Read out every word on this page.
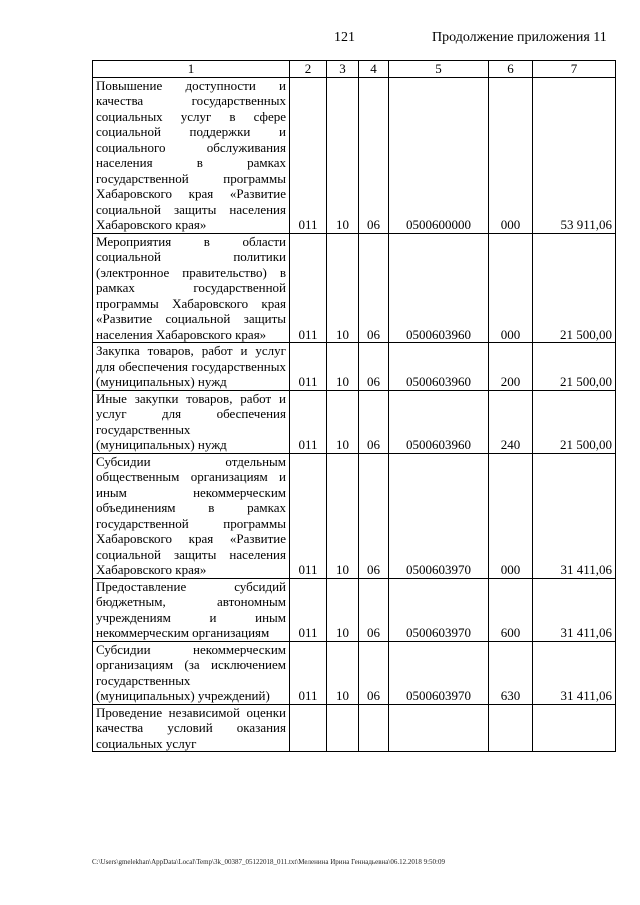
121	Продолжение приложения 11
1	2	3	4	5	6	7
Повышение доступности и качества государственных социальных услуг в сфере социальной поддержки и социального обслуживания населения в рамках государственной программы Хабаровского края «Развитие социальной защиты населения Хабаровского края»	011	10	06	0500600000	000	53 911,06
Мероприятия в области социальной политики (электронное правительство) в рамках государственной программы Хабаровского края «Развитие социальной защиты населения Хабаровского края»	011	10	06	0500603960	000	21 500,00
Закупка товаров, работ и услуг для обеспечения государственных (муниципальных) нужд	011	10	06	0500603960	200	21 500,00
Иные закупки товаров, работ и услуг для обеспечения государственных (муниципальных) нужд	011	10	06	0500603960	240	21 500,00
Субсидии отдельным общественным организациям и иным некоммерческим объединениям в рамках государственной программы Хабаровского края «Развитие социальной защиты населения Хабаровского края»	011	10	06	0500603970	000	31 411,06
Предоставление субсидий бюджетным, автономным учреждениям и иным некоммерческим организациям	011	10	06	0500603970	600	31 411,06
Субсидии некоммерческим организациям (за исключением государственных (муниципальных) учреждений)	011	10	06	0500603970	630	31 411,06
Проведение независимой оценки качества условий оказания социальных услуг						
C:\Users\gmelekhan\AppData\Local\Temp\3k_00387_05122018_011.txt\Меленина Ирина Геннадьевна\06.12.2018 9:50:09
